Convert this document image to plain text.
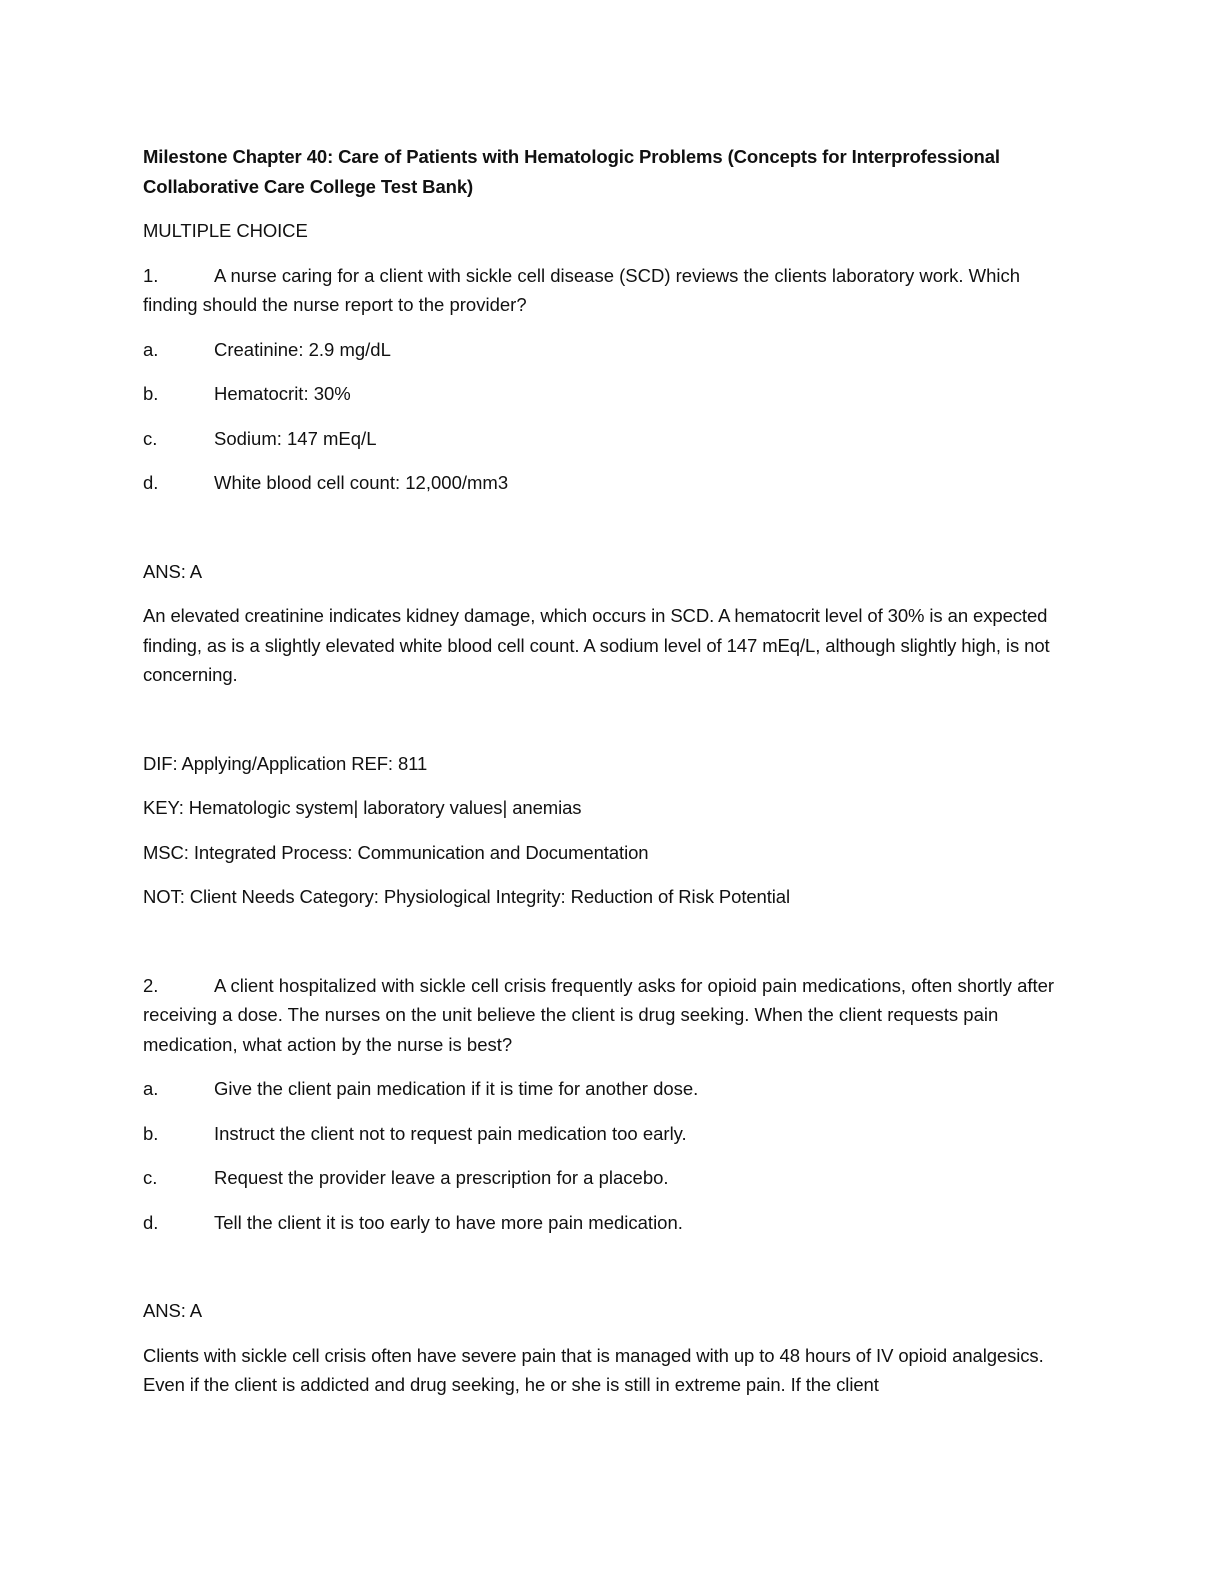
Milestone Chapter 40: Care of Patients with Hematologic Problems (Concepts for Interprofessional Collaborative Care College Test Bank)

MULTIPLE CHOICE

1.	A nurse caring for a client with sickle cell disease (SCD) reviews the clients laboratory work. Which finding should the nurse report to the provider?

a.	Creatinine: 2.9 mg/dL
b.	Hematocrit: 30%
c.	Sodium: 147 mEq/L
d.	White blood cell count: 12,000/mm3

ANS: A

An elevated creatinine indicates kidney damage, which occurs in SCD. A hematocrit level of 30% is an expected finding, as is a slightly elevated white blood cell count. A sodium level of 147 mEq/L, although slightly high, is not concerning.

DIF: Applying/Application REF: 811

KEY: Hematologic system| laboratory values| anemias

MSC: Integrated Process: Communication and Documentation

NOT: Client Needs Category: Physiological Integrity: Reduction of Risk Potential

2.	A client hospitalized with sickle cell crisis frequently asks for opioid pain medications, often shortly after receiving a dose. The nurses on the unit believe the client is drug seeking. When the client requests pain medication, what action by the nurse is best?

a.	Give the client pain medication if it is time for another dose.
b.	Instruct the client not to request pain medication too early.
c.	Request the provider leave a prescription for a placebo.
d.	Tell the client it is too early to have more pain medication.

ANS: A

Clients with sickle cell crisis often have severe pain that is managed with up to 48 hours of IV opioid analgesics. Even if the client is addicted and drug seeking, he or she is still in extreme pain. If the client
